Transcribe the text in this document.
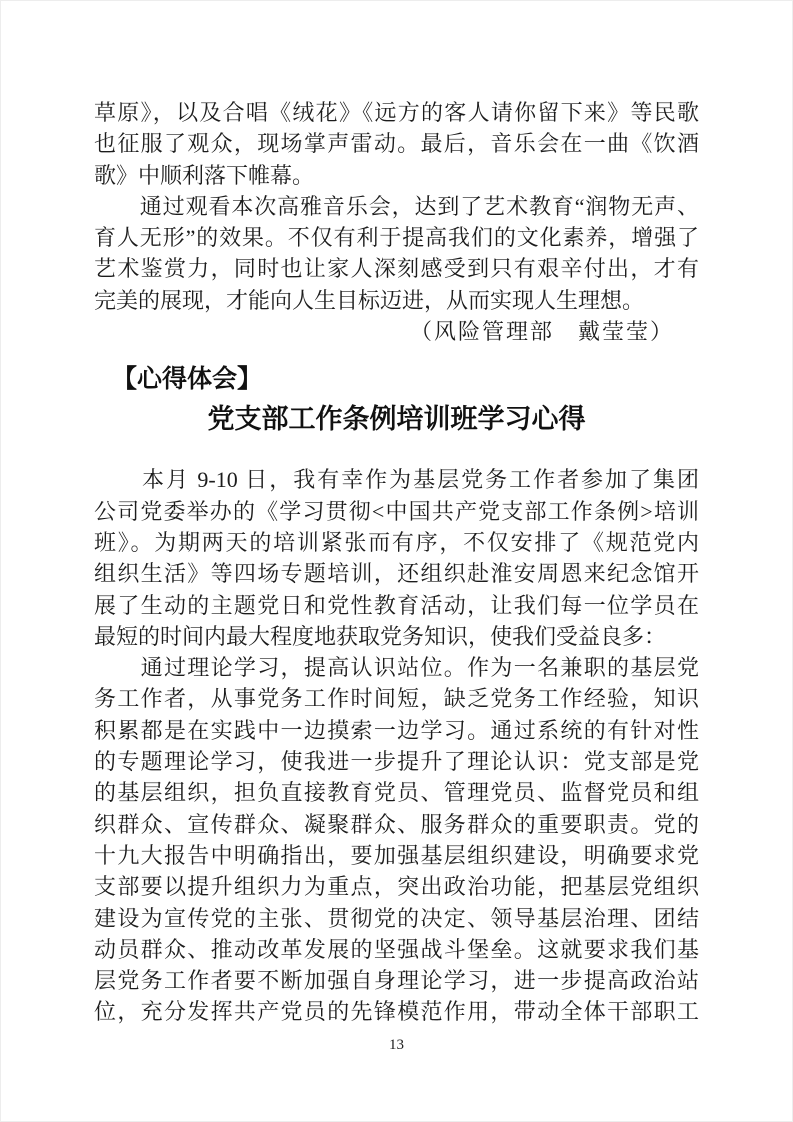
草原》，以及合唱《绒花》《远方的客人请你留下来》等民歌
也征服了观众，现场掌声雷动。最后，音乐会在一曲《饮酒
歌》中顺利落下帷幕。
　　通过观看本次高雅音乐会，达到了艺术教育“润物无声、
育人无形”的效果。不仅有利于提高我们的文化素养，增强了
艺术鉴赏力，同时也让家人深刻感受到只有艰辛付出，才有
完美的展现，才能向人生目标迈进，从而实现人生理想。
（风险管理部　戴莹莹）
【心得体会】
党支部工作条例培训班学习心得
　　本月 9-10 日，我有幸作为基层党务工作者参加了集团
公司党委举办的《学习贯彻<中国共产党支部工作条例>培训
班》。为期两天的培训紧张而有序，不仅安排了《规范党内
组织生活》等四场专题培训，还组织赴淮安周恩来纪念馆开
展了生动的主题党日和党性教育活动，让我们每一位学员在
最短的时间内最大程度地获取党务知识，使我们受益良多：
　　通过理论学习，提高认识站位。作为一名兼职的基层党
务工作者，从事党务工作时间短，缺乏党务工作经验，知识
积累都是在实践中一边摸索一边学习。通过系统的有针对性
的专题理论学习，使我进一步提升了理论认识：党支部是党
的基层组织，担负直接教育党员、管理党员、监督党员和组
织群众、宣传群众、凝聚群众、服务群众的重要职责。党的
十九大报告中明确指出，要加强基层组织建设，明确要求党
支部要以提升组织力为重点，突出政治功能，把基层党组织
建设为宣传党的主张、贯彻党的决定、领导基层治理、团结
动员群众、推动改革发展的坚强战斗堡垒。这就要求我们基
层党务工作者要不断加强自身理论学习，进一步提高政治站
位，充分发挥共产党员的先锋模范作用，带动全体干部职工
13
